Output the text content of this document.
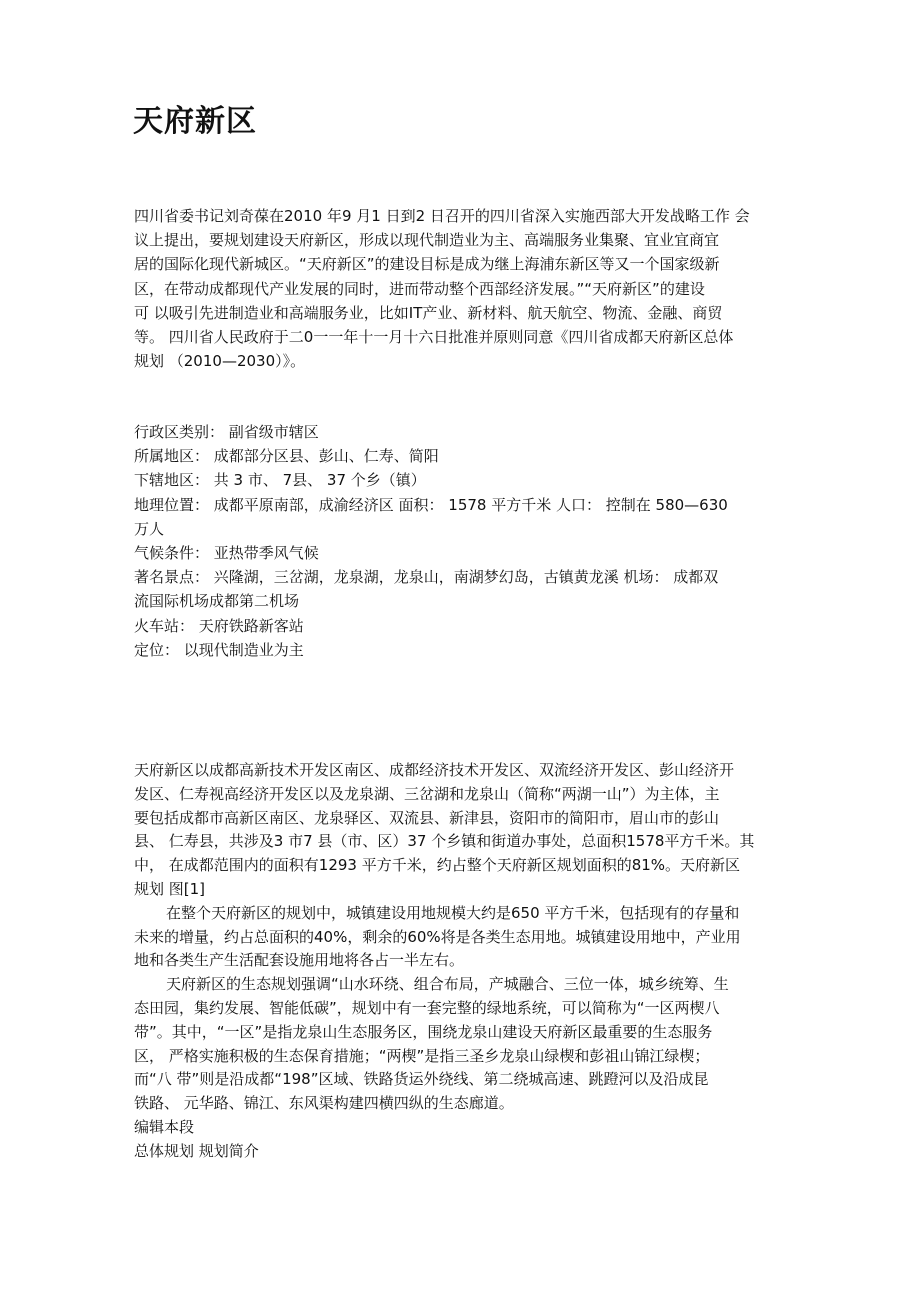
天府新区
四川省委书记刘奇葆在2010 年9 月1 日到2 日召开的四川省深入实施西部大开发战略工作 会
议上提出，要规划建设天府新区，形成以现代制造业为主、高端服务业集聚、宜业宜商宜
居的国际化现代新城区。“天府新区”的建设目标是成为继上海浦东新区等又一个国家级新
区，在带动成都现代产业发展的同时，进而带动整个西部经济发展。”“天府新区”的建设
可 以吸引先进制造业和高端服务业，比如IT产业、新材料、航天航空、物流、金融、商贸
等。 四川省人民政府于二0一一年十一月十六日批准并原则同意《四川省成都天府新区总体
规划 （2010—2030）》。
行政区类别： 副省级市辖区
所属地区： 成都部分区县、彭山、仁寿、简阳
下辖地区： 共 3 市、 7县、 37 个乡（镇）
地理位置： 成都平原南部，成渝经济区 面积： 1578 平方千米 人口： 控制在 580—630
万人
气候条件： 亚热带季风气候
著名景点： 兴隆湖，三岔湖，龙泉湖，龙泉山，南湖梦幻岛，古镇黄龙溪 机场： 成都双
流国际机场成都第二机场
火车站： 天府铁路新客站
定位： 以现代制造业为主
天府新区以成都高新技术开发区南区、成都经济技术开发区、双流经济开发区、彭山经济开
发区、仁寿视高经济开发区以及龙泉湖、三岔湖和龙泉山（简称“两湖一山”）为主体，主
要包括成都市高新区南区、龙泉驿区、双流县、新津县，资阳市的简阳市，眉山市的彭山
县、 仁寿县，共涉及3 市7 县（市、区）37 个乡镇和街道办事处，总面积1578平方千米。其
中， 在成都范围内的面积有1293 平方千米，约占整个天府新区规划面积的81%。天府新区
规划 图[1]
在整个天府新区的规划中，城镇建设用地规模大约是650 平方千米，包括现有的存量和
未来的增量，约占总面积的40%，剩余的60%将是各类生态用地。城镇建设用地中，产业用
地和各类生产生活配套设施用地将各占一半左右。
天府新区的生态规划强调“山水环绕、组合布局，产城融合、三位一体，城乡统筹、生
态田园，集约发展、智能低碳”，规划中有一套完整的绿地系统，可以简称为“一区两楔八
带”。其中，“一区”是指龙泉山生态服务区，围绕龙泉山建设天府新区最重要的生态服务
区， 严格实施积极的生态保育措施；“两楔”是指三圣乡龙泉山绿楔和彭祖山锦江绿楔；
而“八 带”则是沿成都“198”区域、铁路货运外绕线、第二绕城高速、跳蹬河以及沿成昆
铁路、 元华路、锦江、东风渠构建四横四纵的生态廊道。
编辑本段
总体规划 规划简介
